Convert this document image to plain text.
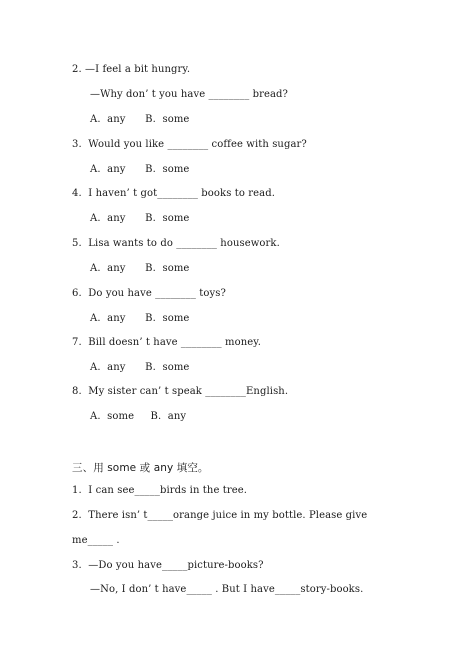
2. —I feel a bit hungry.
—Why don’ t you have ________ bread?
A.  any      B.  some
3.  Would you like ________ coffee with sugar?
A.  any      B.  some
4.  I haven’ t got________ books to read.
A.  any      B.  some
5.  Lisa wants to do ________ housework.
A.  any      B.  some
6.  Do you have ________ toys?
A.  any      B.  some
7.  Bill doesn’ t have ________ money.
A.  any      B.  some
8.  My sister can’ t speak ________English.
A.  some     B.  any
三、用 some 或 any 填空。
1.  I can see_____birds in the tree.
2.  There isn’ t_____orange juice in my bottle. Please give
me_____ .
3.  —Do you have_____picture-books?
—No, I don’ t have_____ . But I have_____story-books.
